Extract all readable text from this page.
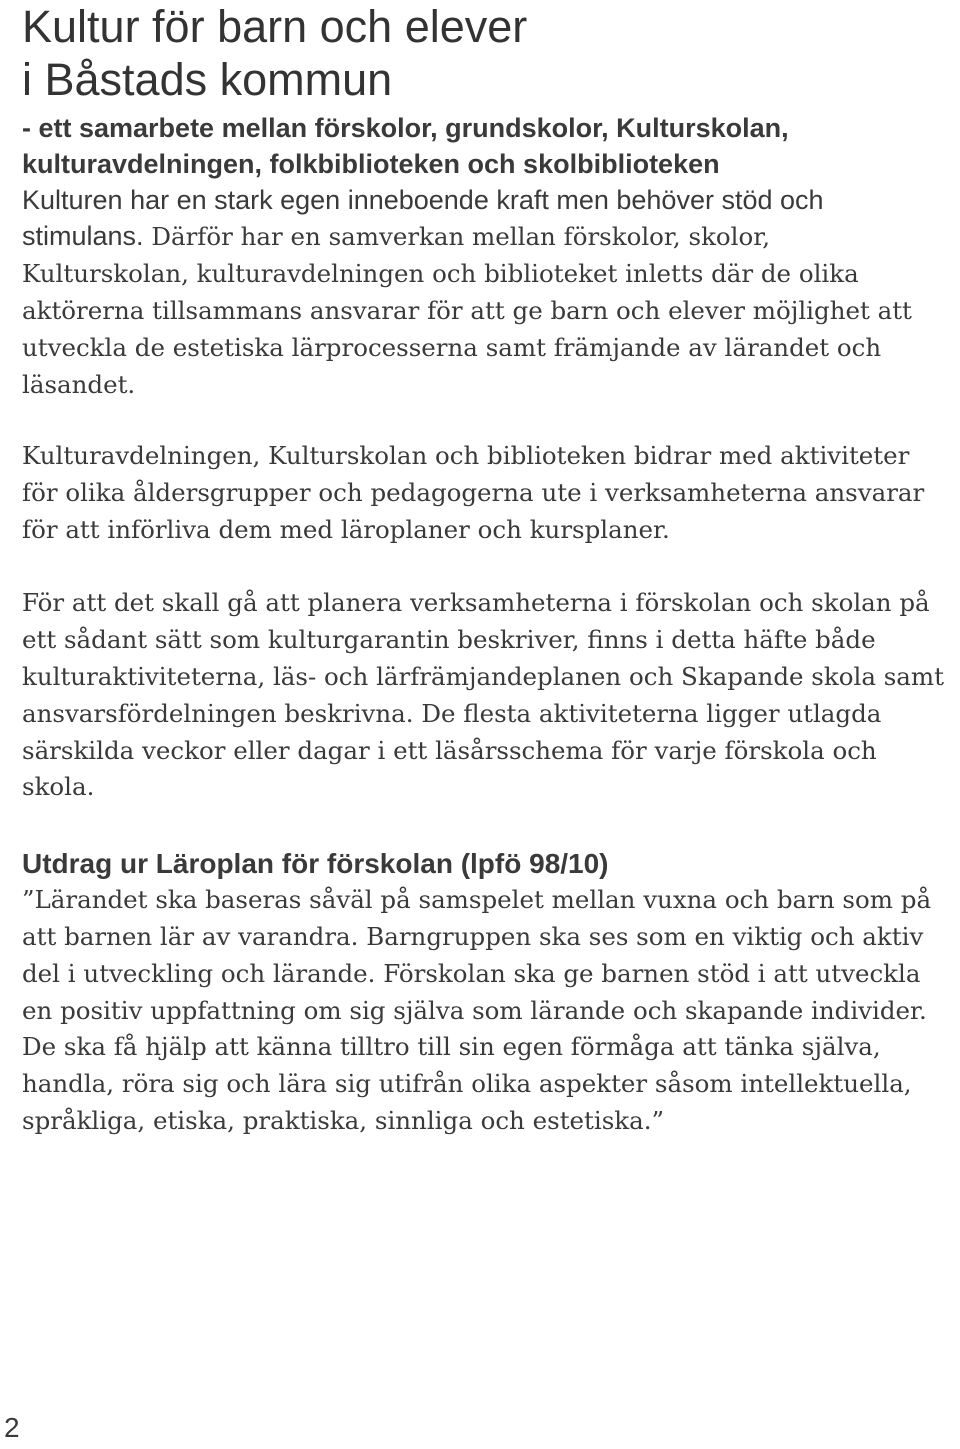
Kultur för barn och elever
i Båstads kommun

- ett samarbete mellan förskolor, grundskolor, Kulturskolan, kulturavdelningen, folkbiblioteken och skolbiblioteken

Kulturen har en stark egen inneboende kraft men behöver stöd och stimulans. Därför har en samverkan mellan förskolor, skolor, Kulturskolan, kulturavdelningen och biblioteket inletts där de olika aktörerna tillsammans ansvarar för att ge barn och elever möjlighet att utveckla de estetiska lärprocesserna samt främjande av lärandet och läsandet.

Kulturavdelningen, Kulturskolan och biblioteken bidrar med aktiviteter för olika åldersgrupper och pedagogerna ute i verksamheterna ansvarar för att införliva dem med läroplaner och kursplaner.

För att det skall gå att planera verksamheterna i förskolan och skolan på ett sådant sätt som kulturgarantin beskriver, finns i detta häfte både kulturaktiviteterna, läs- och lärfrämjandeplanen och Skapande skola samt ansvarsfördelningen beskrivna. De flesta aktiviteterna ligger utlagda särskilda veckor eller dagar i ett läsårsschema för varje förskola och skola.

Utdrag ur Läroplan för förskolan (lpfö 98/10)

”Lärandet ska baseras såväl på samspelet mellan vuxna och barn som på att barnen lär av varandra. Barngruppen ska ses som en viktig och aktiv del i utveckling och lärande. Förskolan ska ge barnen stöd i att utveckla en positiv uppfattning om sig själva som lärande och skapande individer. De ska få hjälp att känna tilltro till sin egen förmåga att tänka själva, handla, röra sig och lära sig utifrån olika aspekter såsom intellektuella, språkliga, etiska, praktiska, sinnliga och estetiska.”

2
